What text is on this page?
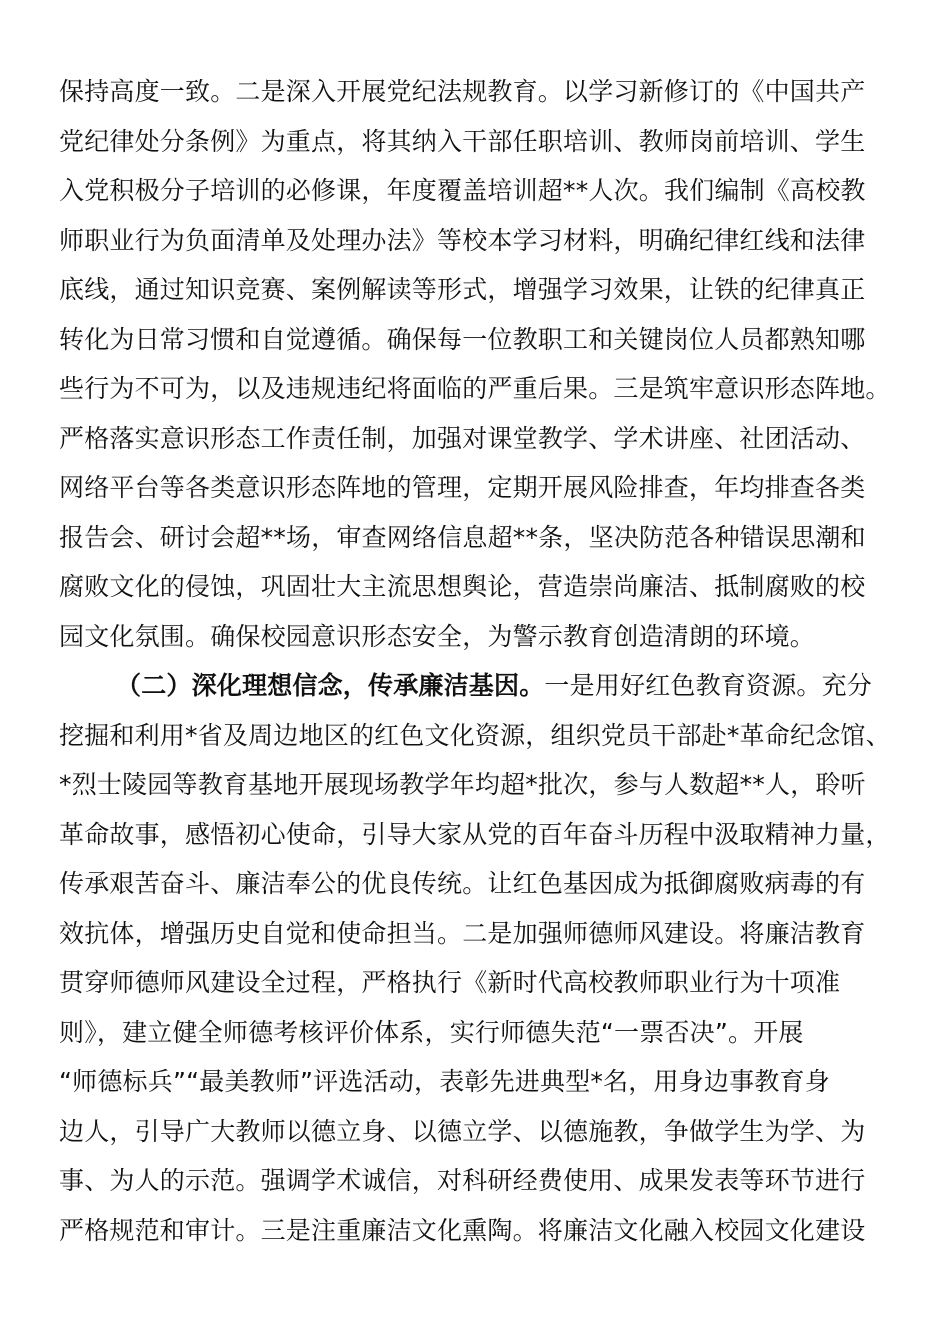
保持高度一致。二是深入开展党纪法规教育。以学习新修订的《中国共产
党纪律处分条例》为重点，将其纳入干部任职培训、教师岗前培训、学生
入党积极分子培训的必修课，年度覆盖培训超**人次。我们编制《高校教
师职业行为负面清单及处理办法》等校本学习材料，明确纪律红线和法律
底线，通过知识竞赛、案例解读等形式，增强学习效果，让铁的纪律真正
转化为日常习惯和自觉遵循。确保每一位教职工和关键岗位人员都熟知哪
些行为不可为，以及违规违纪将面临的严重后果。三是筑牢意识形态阵地。
严格落实意识形态工作责任制，加强对课堂教学、学术讲座、社团活动、
网络平台等各类意识形态阵地的管理，定期开展风险排查，年均排查各类
报告会、研讨会超**场，审查网络信息超**条，坚决防范各种错误思潮和
腐败文化的侵蚀，巩固壮大主流思想舆论，营造崇尚廉洁、抵制腐败的校
园文化氛围。确保校园意识形态安全，为警示教育创造清朗的环境。
（二）深化理想信念，传承廉洁基因。一是用好红色教育资源。充分
挖掘和利用*省及周边地区的红色文化资源，组织党员干部赴*革命纪念馆、
*烈士陵园等教育基地开展现场教学年均超*批次，参与人数超**人，聆听
革命故事，感悟初心使命，引导大家从党的百年奋斗历程中汲取精神力量，
传承艰苦奋斗、廉洁奉公的优良传统。让红色基因成为抵御腐败病毒的有
效抗体，增强历史自觉和使命担当。二是加强师德师风建设。将廉洁教育
贯穿师德师风建设全过程，严格执行《新时代高校教师职业行为十项准
则》，建立健全师德考核评价体系，实行师德失范“一票否决”。开展
“师德标兵”“最美教师”评选活动，表彰先进典型*名，用身边事教育身
边人，引导广大教师以德立身、以德立学、以德施教，争做学生为学、为
事、为人的示范。强调学术诚信，对科研经费使用、成果发表等环节进行
严格规范和审计。三是注重廉洁文化熏陶。将廉洁文化融入校园文化建设
